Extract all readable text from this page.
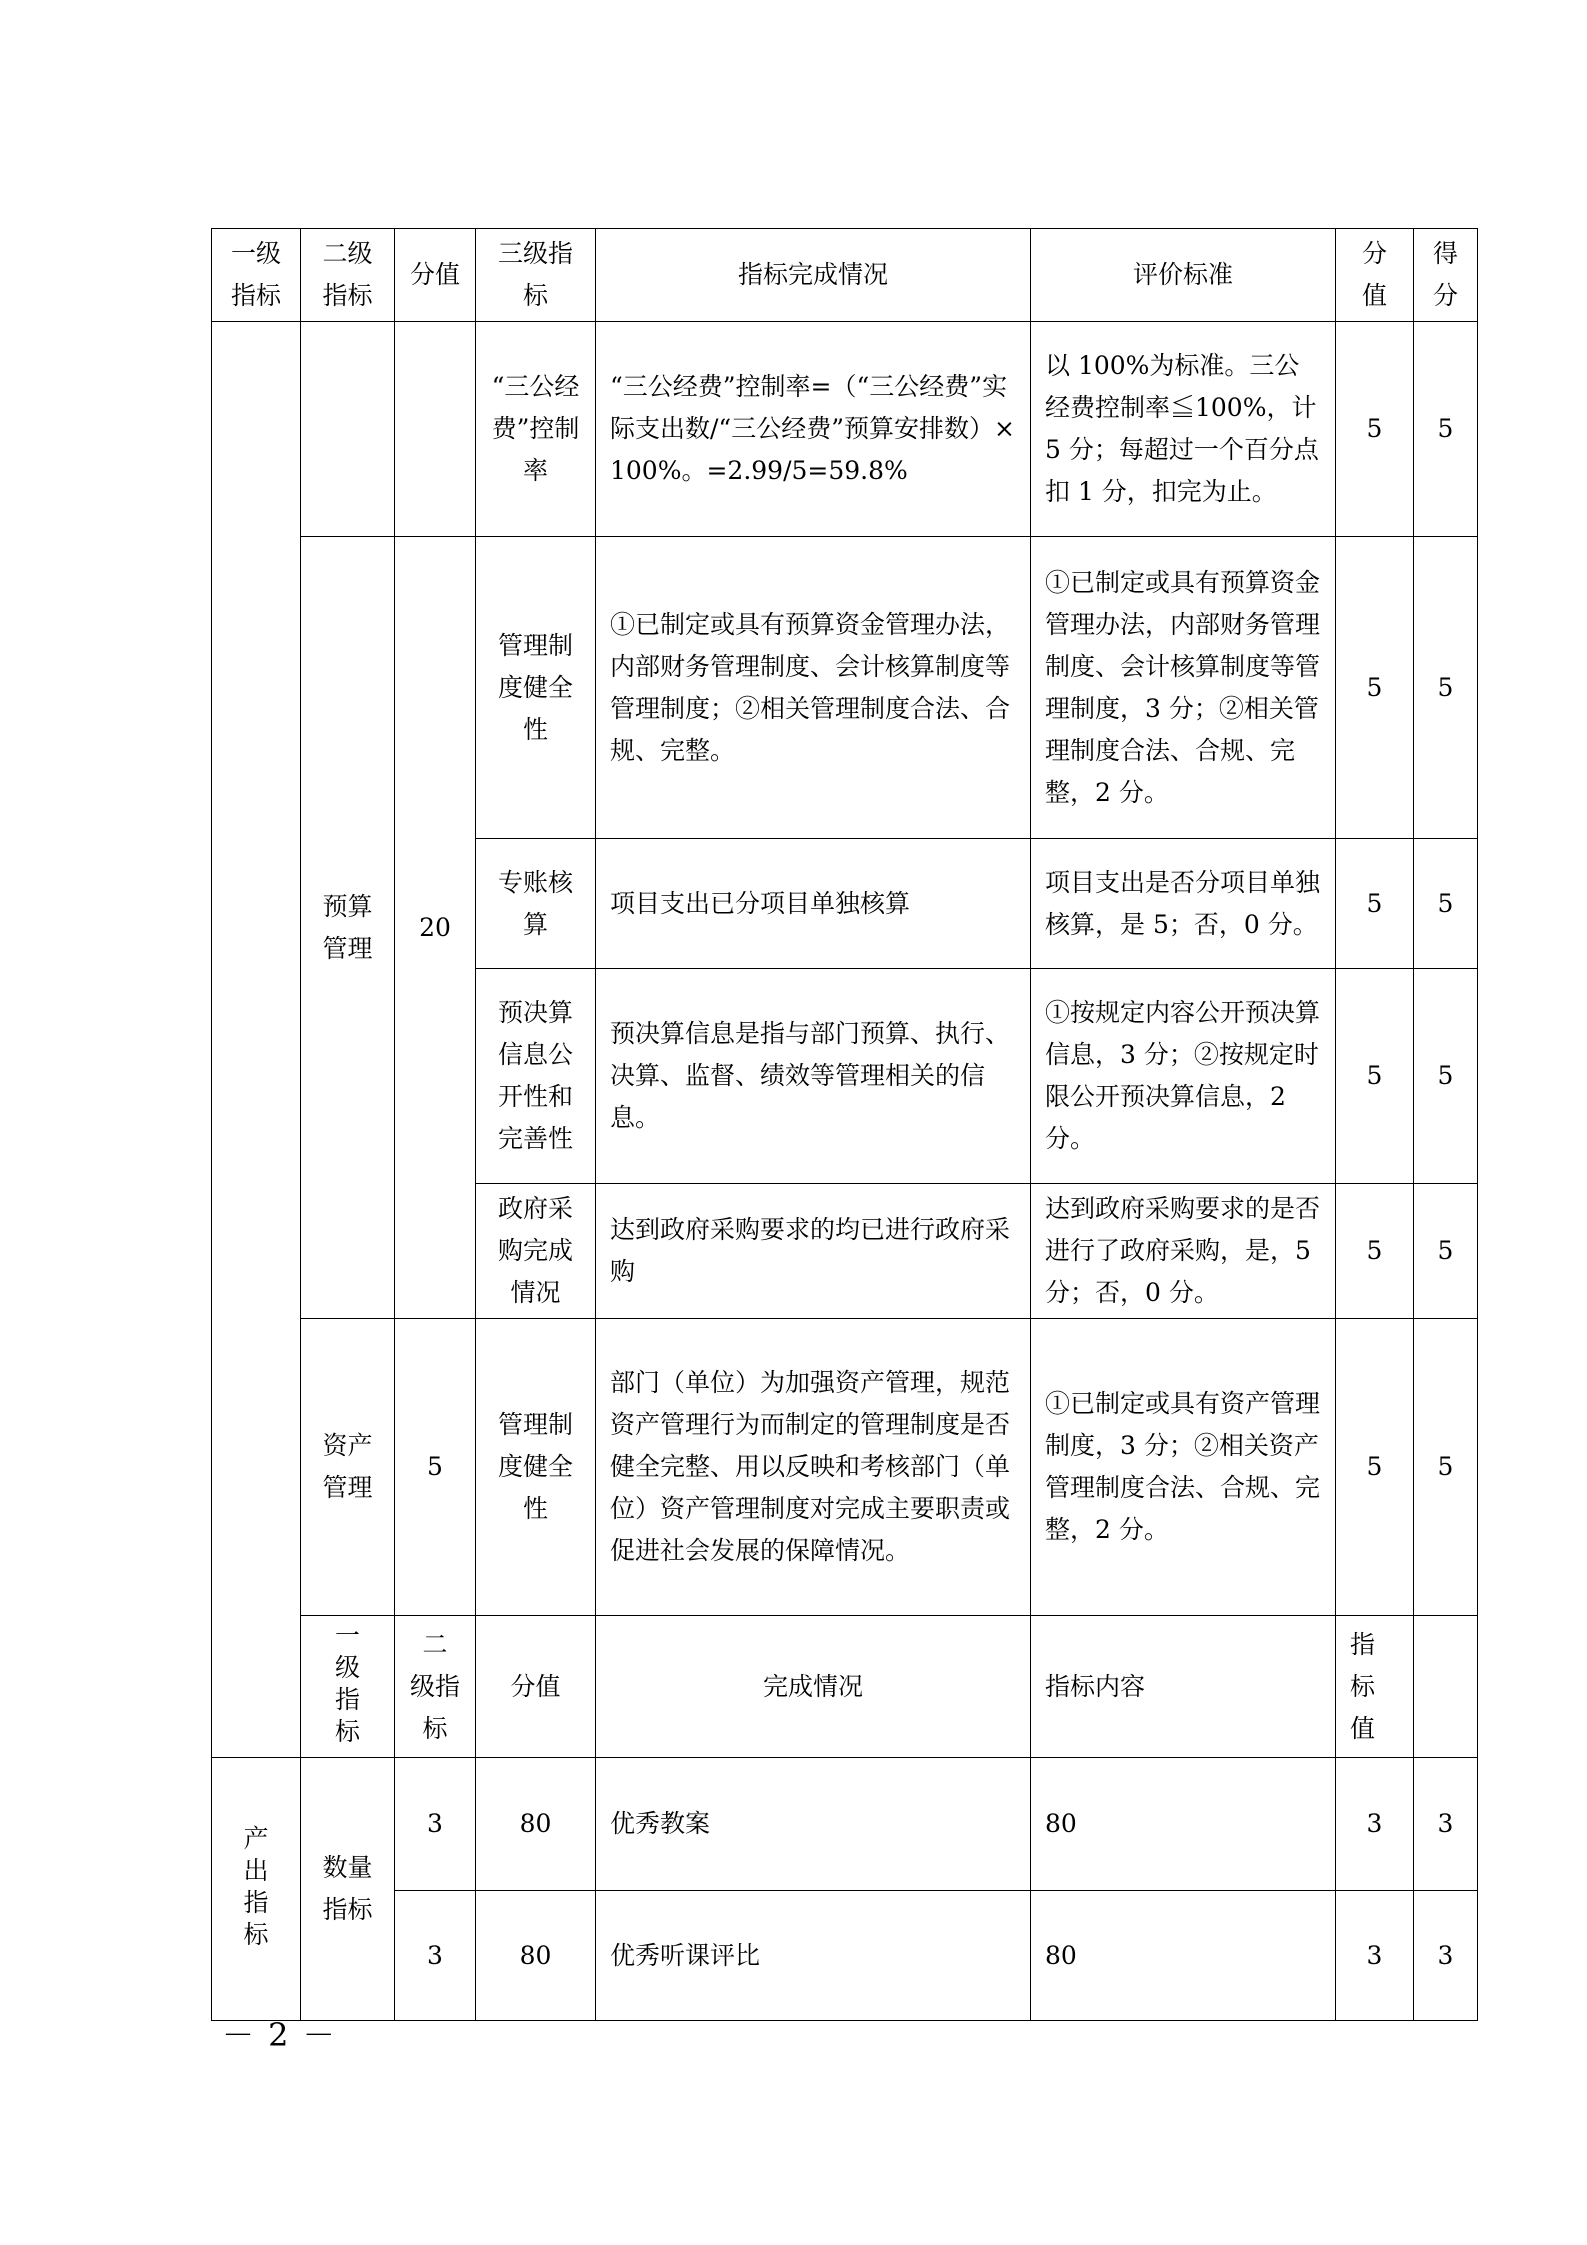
一级指标	二级指标	分值	三级指标	指标完成情况	评价标准	分值	得分	
			“三公经费”控制率	“三公经费”控制率=（“三公经费”实际支出数/“三公经费”预算安排数）×100%。=2.99/5=59.8%	以 100%为标准。三公经费控制率≦100%，计 5 分；每超过一个百分点扣 1 分，扣完为止。	5	5	
	预算管理	20	管理制度健全性	①已制定或具有预算资金管理办法，内部财务管理制度、会计核算制度等管理制度；②相关管理制度合法、合规、完整。	①已制定或具有预算资金管理办法，内部财务管理制度、会计核算制度等管理制度，3 分；②相关管理制度合法、合规、完整，2 分。	5	5	
			专账核算	项目支出已分项目单独核算	项目支出是否分项目单独核算，是 5；否，0 分。	5	5	
			预决算信息公开性和完善性	预决算信息是指与部门预算、执行、决算、监督、绩效等管理相关的信息。	①按规定内容公开预决算信息，3 分；②按规定时限公开预决算信息，2 分。	5	5	
			政府采购完成情况	达到政府采购要求的均已进行政府采购	达到政府采购要求的是否进行了政府采购，是，5 分；否，0 分。	5	5	
	资产管理	5	管理制度健全性	部门（单位）为加强资产管理，规范资产管理行为而制定的管理制度是否健全完整、用以反映和考核部门（单位）资产管理制度对完成主要职责或促进社会发展的保障情况。	①已制定或具有资产管理制度，3 分；②相关资产管理制度合法、合规、完整，2 分。	5	5	
	一级指标	二 级指标	分值	完成情况	指标内容	指标值		
产出指标	数量指标	3	80	优秀教案	80	3	3	
		3	80	优秀听课评比	80	3	3	
－ 2 －
